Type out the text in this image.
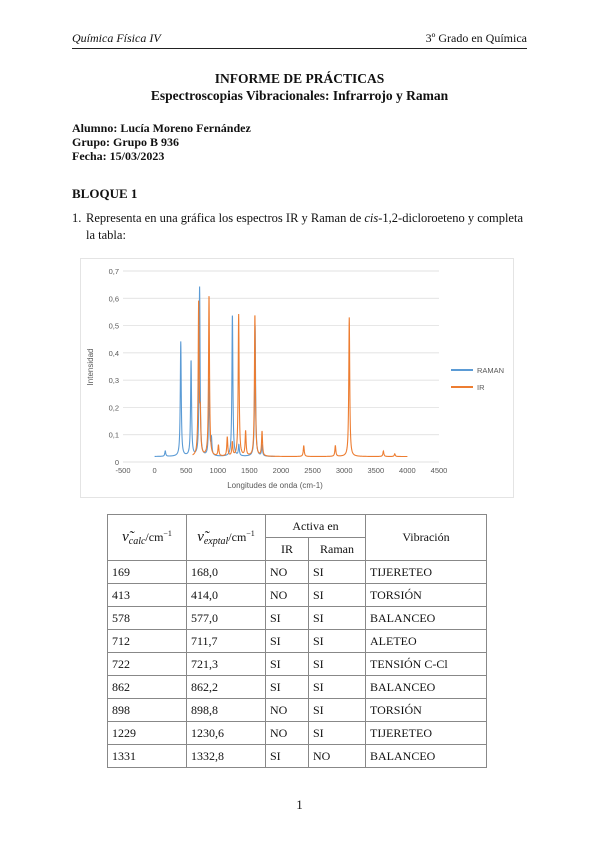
Química Física IV	3º Grado en Química
INFORME DE PRÁCTICAS
Espectroscopias Vibracionales: Infrarrojo y Raman
Alumno: Lucía Moreno Fernández
Grupo: Grupo B 936
Fecha: 15/03/2023
BLOQUE 1
1. Representa en una gráfica los espectros IR y Raman de cis-1,2-dicloroeteno y completa la tabla:
0
0,1
0,2
0,3
0,4
0,5
0,6
0,7
-500	0	500 1000 1500 2000 2500 3000 3500 4000 4500
RAMAN
IR
Intensidad
Longitudes de onda (cm-1)
$\nũ_{calc}/cm^{-1}$	$\nũ_{exptal}/cm^{-1}$	Activa en		Vibración
		IR	Raman	
169	168,0	NO	SI	TIJERETEO
413	414,0	NO	SI	TORSIÓN
578	577,0	SI	SI	BALANCEO
712	711,7	SI	SI	ALETEO
722	721,3	SI	SI	TENSIÓN C-Cl
862	862,2	SI	SI	BALANCEO
898	898,8	NO	SI	TORSIÓN
1229	1230,6	NO	SI	TIJERETEO
1331	1332,8	SI	NO	BALANCEO
1
